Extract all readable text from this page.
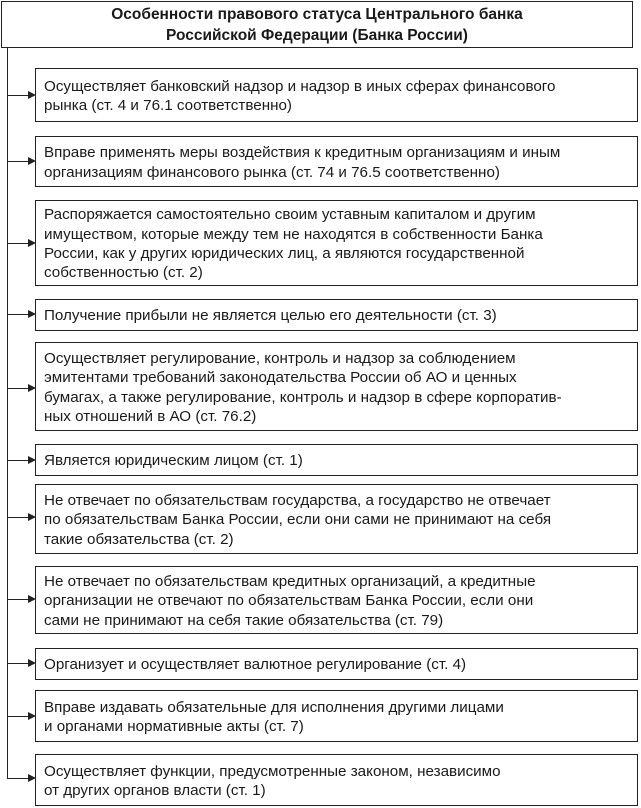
Особенности правового статуса Центрального банка
Российской Федерации (Банка России)
Осуществляет банковский надзор и надзор в иных сферах финансового
рынка (ст. 4 и 76.1 соответственно)
Вправе применять меры воздействия к кредитным организациям и иным
организациям финансового рынка (ст. 74 и 76.5 соответственно)
Распоряжается самостоятельно своим уставным капиталом и другим
имуществом, которые между тем не находятся в собственности Банка
России, как у других юридических лиц, а являются государственной
собственностью (ст. 2)
Получение прибыли не является целью его деятельности (ст. 3)
Осуществляет регулирование, контроль и надзор за соблюдением
эмитентами требований законодательства России об АО и ценных
бумагах, а также регулирование, контроль и надзор в сфере корпоратив-
ных отношений в АО (ст. 76.2)
Является юридическим лицом (ст. 1)
Не отвечает по обязательствам государства, а государство не отвечает
по обязательствам Банка России, если они сами не принимают на себя
такие обязательства (ст. 2)
Не отвечает по обязательствам кредитных организаций, а кредитные
организации не отвечают по обязательствам Банка России, если они
сами не принимают на себя такие обязательства (ст. 79)
Организует и осуществляет валютное регулирование (ст. 4)
Вправе издавать обязательные для исполнения другими лицами
и органами нормативные акты (ст. 7)
Осуществляет функции, предусмотренные законом, независимо
от других органов власти (ст. 1)
